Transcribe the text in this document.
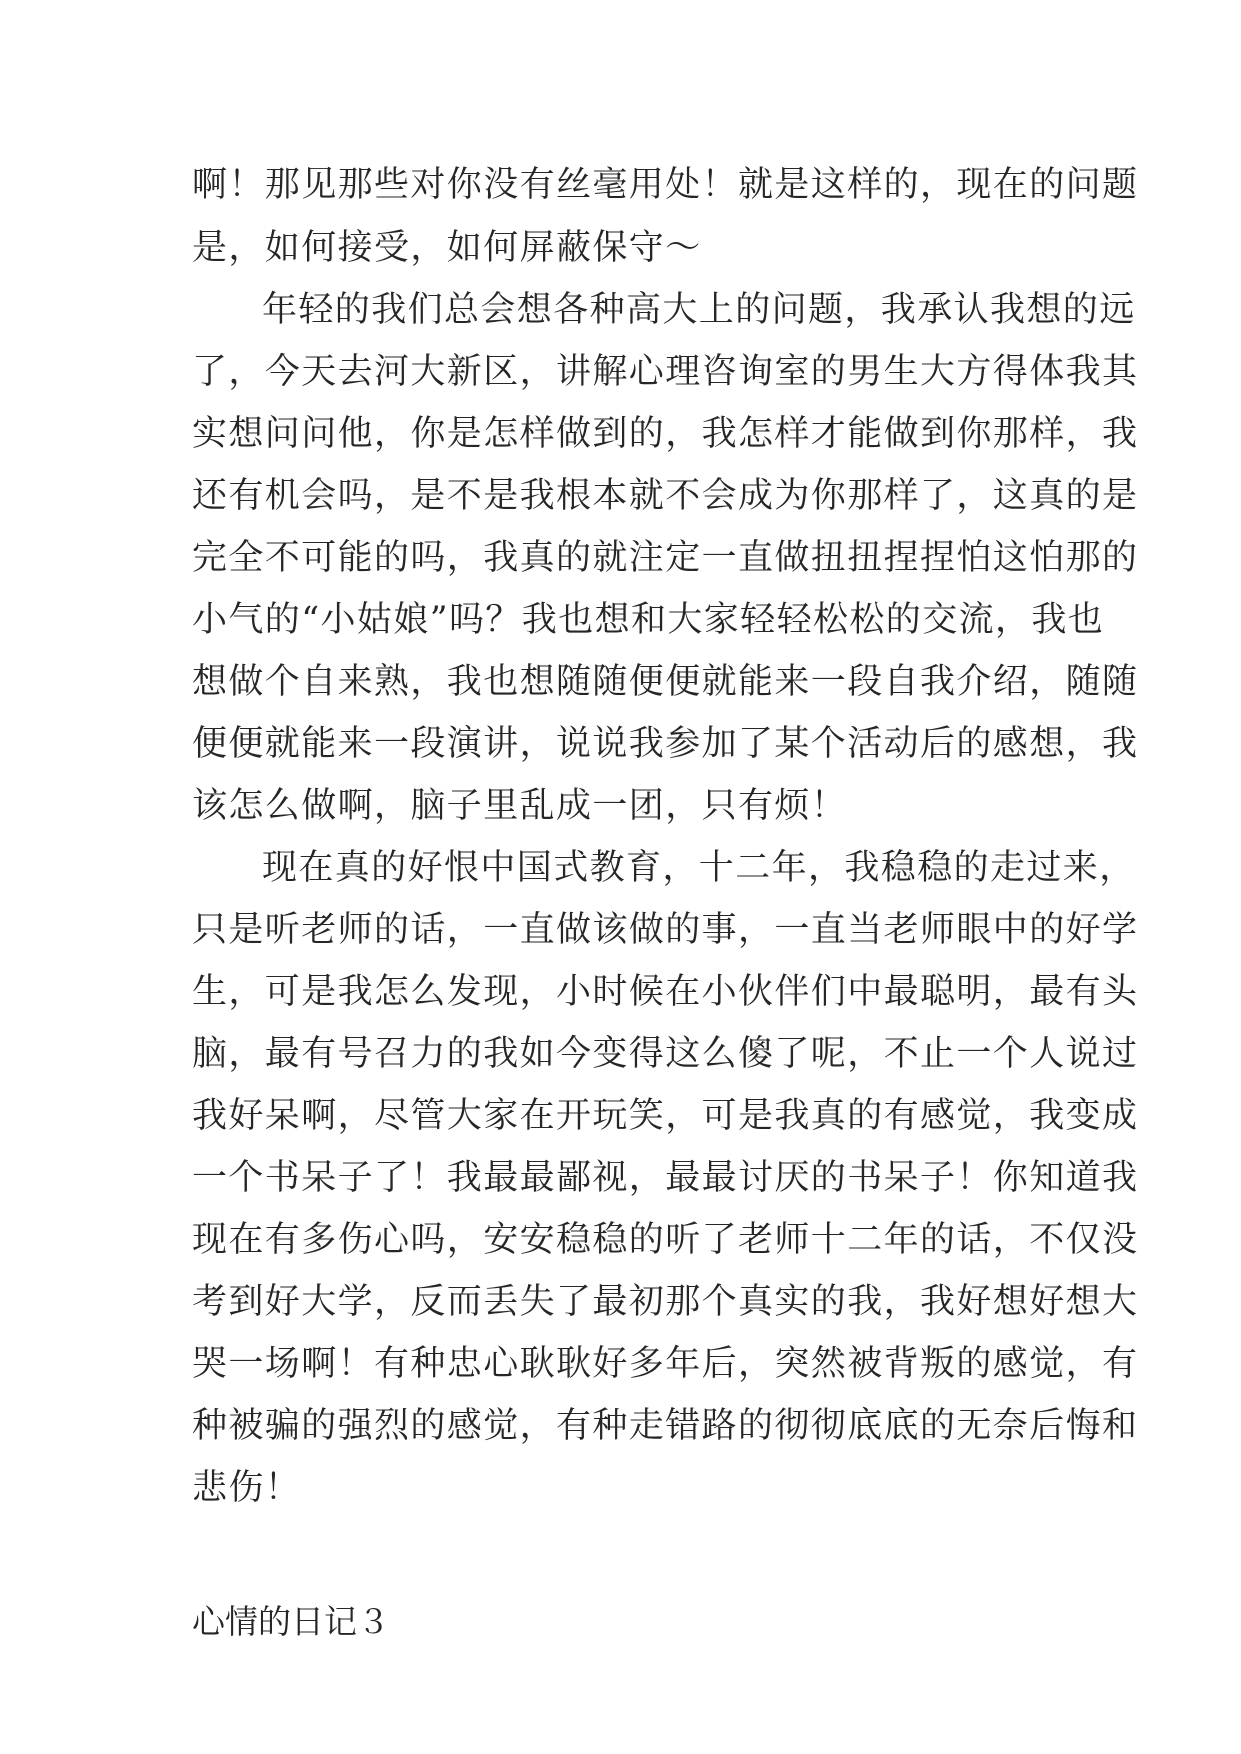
啊！那见那些对你没有丝毫用处！就是这样的，现在的问题
是，如何接受，如何屏蔽保守～
年轻的我们总会想各种高大上的问题，我承认我想的远
了，今天去河大新区，讲解心理咨询室的男生大方得体我其
实想问问他，你是怎样做到的，我怎样才能做到你那样，我
还有机会吗，是不是我根本就不会成为你那样了，这真的是
完全不可能的吗，我真的就注定一直做扭扭捏捏怕这怕那的
小气的“小姑娘”吗？我也想和大家轻轻松松的交流，我也
想做个自来熟，我也想随随便便就能来一段自我介绍，随随
便便就能来一段演讲，说说我参加了某个活动后的感想，我
该怎么做啊，脑子里乱成一团，只有烦！
现在真的好恨中国式教育，十二年，我稳稳的走过来，
只是听老师的话，一直做该做的事，一直当老师眼中的好学
生，可是我怎么发现，小时候在小伙伴们中最聪明，最有头
脑，最有号召力的我如今变得这么傻了呢，不止一个人说过
我好呆啊，尽管大家在开玩笑，可是我真的有感觉，我变成
一个书呆子了！我最最鄙视，最最讨厌的书呆子！你知道我
现在有多伤心吗，安安稳稳的听了老师十二年的话，不仅没
考到好大学，反而丢失了最初那个真实的我，我好想好想大
哭一场啊！有种忠心耿耿好多年后，突然被背叛的感觉，有
种被骗的强烈的感觉，有种走错路的彻彻底底的无奈后悔和
悲伤！
心情的日记３
